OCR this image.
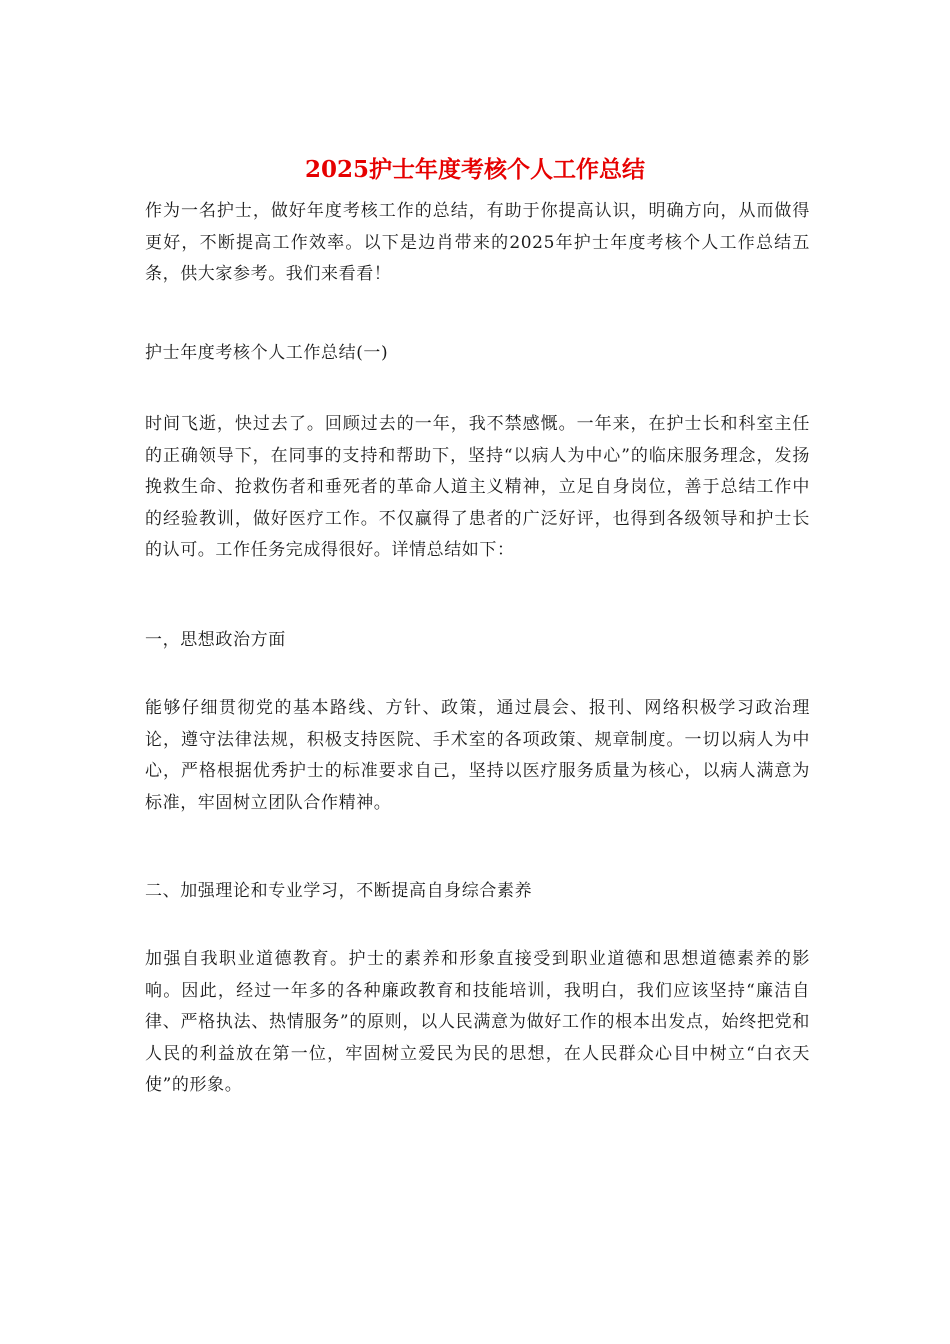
2025护士年度考核个人工作总结

作为一名护士，做好年度考核工作的总结，有助于你提高认识，明确方向，从而做得更好，不断提高工作效率。以下是边肖带来的2025年护士年度考核个人工作总结五条，供大家参考。我们来看看！

护士年度考核个人工作总结(一)

时间飞逝，快过去了。回顾过去的一年，我不禁感慨。一年来，在护士长和科室主任的正确领导下，在同事的支持和帮助下，坚持“以病人为中心”的临床服务理念，发扬挽救生命、抢救伤者和垂死者的革命人道主义精神，立足自身岗位，善于总结工作中的经验教训，做好医疗工作。不仅赢得了患者的广泛好评，也得到各级领导和护士长的认可。工作任务完成得很好。详情总结如下：

一，思想政治方面

能够仔细贯彻党的基本路线、方针、政策，通过晨会、报刊、网络积极学习政治理论，遵守法律法规，积极支持医院、手术室的各项政策、规章制度。一切以病人为中心，严格根据优秀护士的标准要求自己，坚持以医疗服务质量为核心，以病人满意为标准，牢固树立团队合作精神。

二、加强理论和专业学习，不断提高自身综合素养

加强自我职业道德教育。护士的素养和形象直接受到职业道德和思想道德素养的影响。因此，经过一年多的各种廉政教育和技能培训，我明白，我们应该坚持“廉洁自律、严格执法、热情服务”的原则，以人民满意为做好工作的根本出发点，始终把党和人民的利益放在第一位，牢固树立爱民为民的思想，在人民群众心目中树立“白衣天使”的形象。
